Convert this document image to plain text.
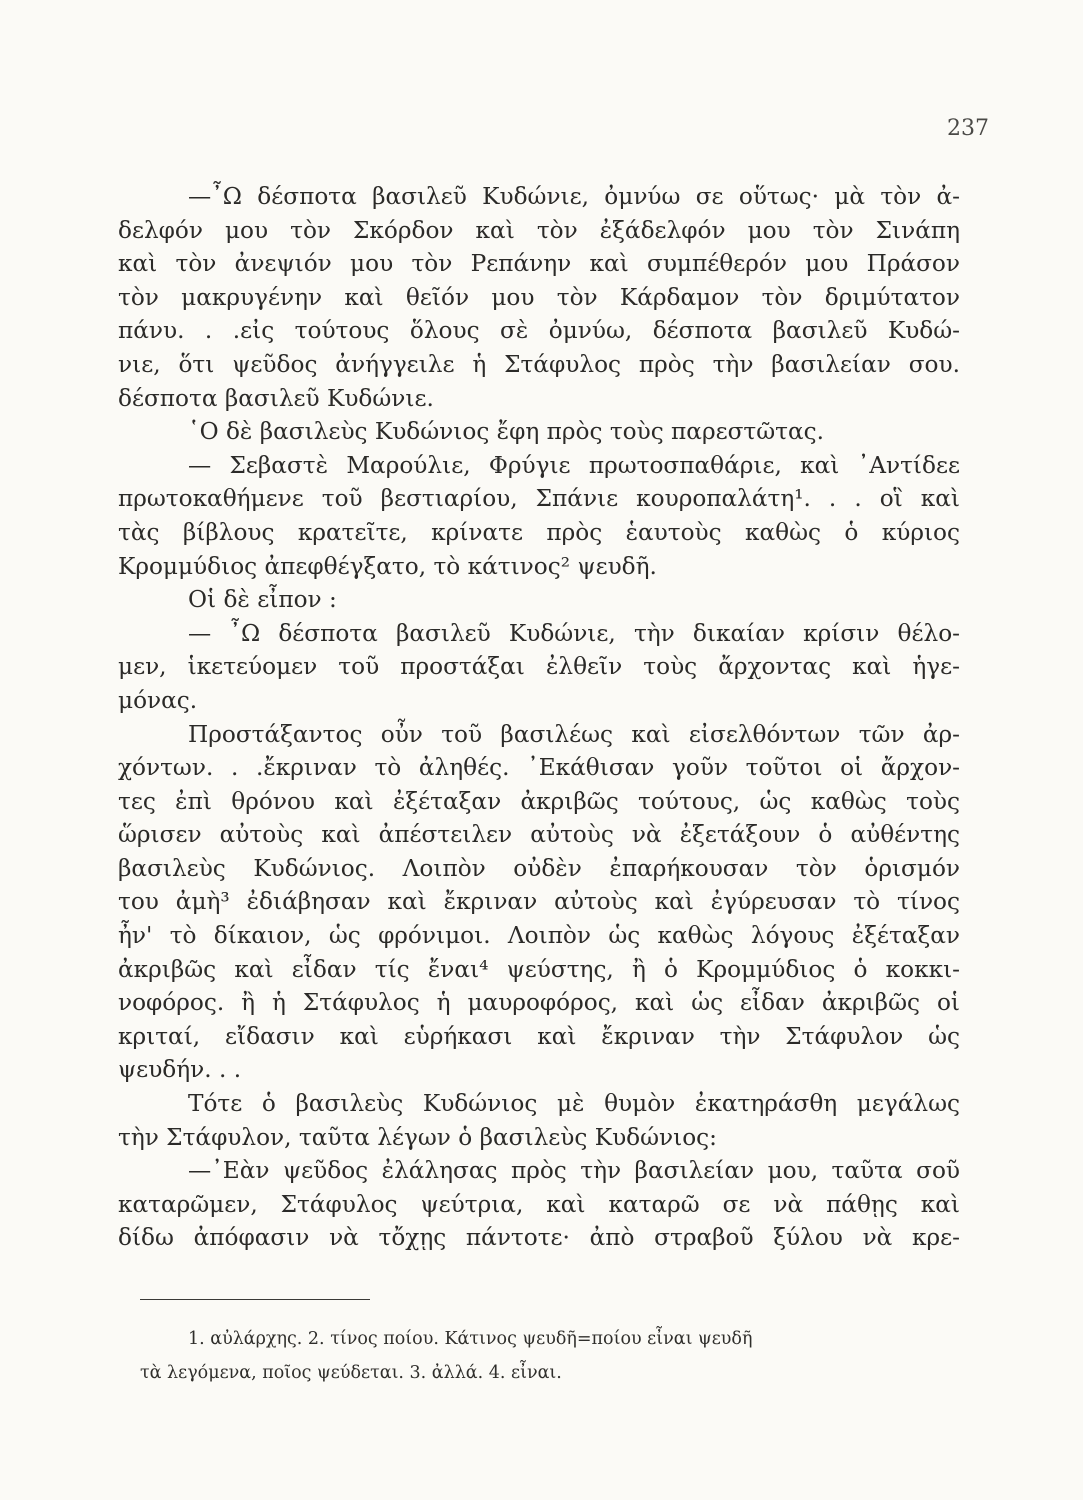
237
—῏Ω δέσποτα βασιλεῦ Κυδώνιε, ὀμνύω σε οὕτως· μὰ τὸν ἀ-
δελφόν μου τὸν Σκόρδον καὶ τὸν ἐξάδελφόν μου τὸν Σινάπη
καὶ τὸν ἀνεψιόν μου τὸν Ρεπάνην καὶ συμπέθερόν μου Πράσον
τὸν μακρυγένην καὶ θεῖόν μου τὸν Κάρδαμον τὸν δριμύτατον
πάνυ. . .εἰς τούτους ὅλους σὲ ὀμνύω, δέσποτα βασιλεῦ Κυδώ-
νιε, ὅτι ψεῦδος ἀνήγγειλε ἡ Στάφυλος πρὸς τὴν βασιλείαν σου.
δέσποτα βασιλεῦ Κυδώνιε.
῾Ο δὲ βασιλεὺς Κυδώνιος ἔφη πρὸς τοὺς παρεστῶτας.
— Σεβαστὲ Μαρούλιε, Φρύγιε πρωτοσπαθάριε, καὶ ᾿Αντίδεε
πρωτοκαθήμενε τοῦ βεστιαρίου, Σπάνιε κουροπαλάτη¹. . . οἳ καὶ
τὰς βίβλους κρατεῖτε, κρίνατε πρὸς ἑαυτοὺς καθὼς ὁ κύριος
Κρομμύδιος ἀπεφθέγξατο, τὸ κάτινος² ψευδῆ.
Οἱ δὲ εἶπον :
— ῏Ω δέσποτα βασιλεῦ Κυδώνιε, τὴν δικαίαν κρίσιν θέλο-
μεν, ἱκετεύομεν τοῦ προστάξαι ἐλθεῖν τοὺς ἄρχοντας καὶ ἡγε-
μόνας.
Προστάξαντος οὖν τοῦ βασιλέως καὶ εἰσελθόντων τῶν ἀρ-
χόντων. . .ἔκριναν τὸ ἀληθές. ᾿Εκάθισαν γοῦν τοῦτοι οἱ ἄρχον-
τες ἐπὶ θρόνου καὶ ἐξέταξαν ἀκριβῶς τούτους, ὡς καθὼς τοὺς
ὥρισεν αὐτοὺς καὶ ἀπέστειλεν αὐτοὺς νὰ ἐξετάξουν ὁ αὐθέντης
βασιλεὺς Κυδώνιος. Λοιπὸν οὐδὲν ἐπαρήκουσαν τὸν ὁρισμόν
του ἀμὴ³ ἐδιάβησαν καὶ ἔκριναν αὐτοὺς καὶ ἐγύρευσαν τὸ τίνος
ἦν' τὸ δίκαιον, ὡς φρόνιμοι. Λοιπὸν ὡς καθὼς λόγους ἐξέταξαν
ἀκριβῶς καὶ εἶδαν τίς ἔναι⁴ ψεύστης, ἢ ὁ Κρομμύδιος ὁ κοκκι-
νοφόρος. ἢ ἡ Στάφυλος ἡ μαυροφόρος, καὶ ὡς εἶδαν ἀκριβῶς οἱ
κριταί, εἴδασιν καὶ εὑρήκασι καὶ ἔκριναν τὴν Στάφυλον ὡς
ψευδήν. . .
Τότε ὁ βασιλεὺς Κυδώνιος μὲ θυμὸν ἐκατηράσθη μεγάλως
τὴν Στάφυλον, ταῦτα λέγων ὁ βασιλεὺς Κυδώνιος:
—᾿Εὰν ψεῦδος ἐλάλησας πρὸς τὴν βασιλείαν μου, ταῦτα σοῦ
καταρῶμεν, Στάφυλος ψεύτρια, καὶ καταρῶ σε νὰ πάθῃς καὶ
δίδω ἀπόφασιν νὰ τὄχῃς πάντοτε· ἀπὸ στραβοῦ ξύλου νὰ κρε-
1. αὐλάρχης. 2. τίνος ποίου. Κάτινος ψευδῆ=ποίου εἶναι ψευδῆ
τὰ λεγόμενα, ποῖος ψεύδεται. 3. ἀλλά. 4. εἶναι.
